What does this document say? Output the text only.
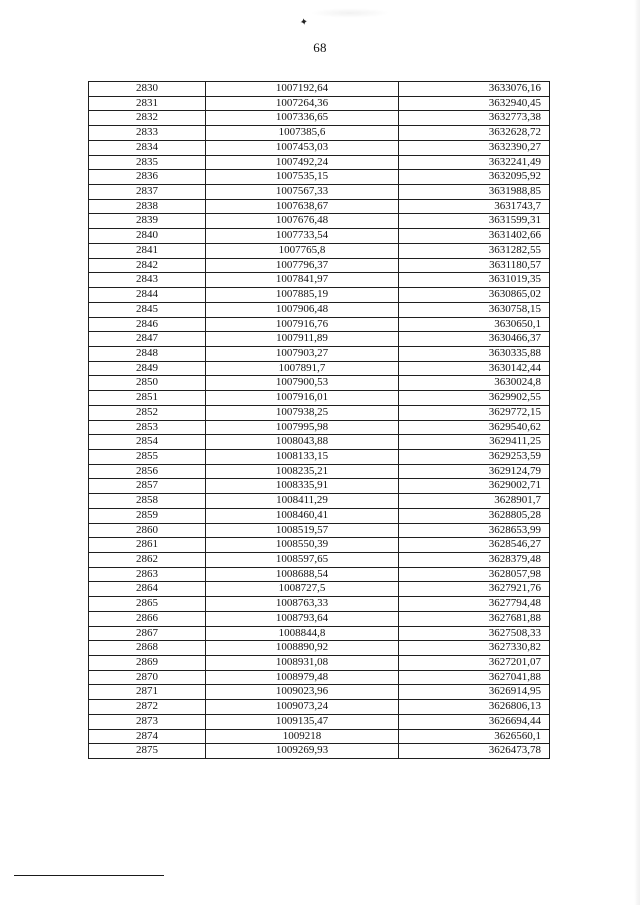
✦
68
2830	1007192,64	3633076,16
2831	1007264,36	3632940,45
2832	1007336,65	3632773,38
2833	1007385,6	3632628,72
2834	1007453,03	3632390,27
2835	1007492,24	3632241,49
2836	1007535,15	3632095,92
2837	1007567,33	3631988,85
2838	1007638,67	3631743,7
2839	1007676,48	3631599,31
2840	1007733,54	3631402,66
2841	1007765,8	3631282,55
2842	1007796,37	3631180,57
2843	1007841,97	3631019,35
2844	1007885,19	3630865,02
2845	1007906,48	3630758,15
2846	1007916,76	3630650,1
2847	1007911,89	3630466,37
2848	1007903,27	3630335,88
2849	1007891,7	3630142,44
2850	1007900,53	3630024,8
2851	1007916,01	3629902,55
2852	1007938,25	3629772,15
2853	1007995,98	3629540,62
2854	1008043,88	3629411,25
2855	1008133,15	3629253,59
2856	1008235,21	3629124,79
2857	1008335,91	3629002,71
2858	1008411,29	3628901,7
2859	1008460,41	3628805,28
2860	1008519,57	3628653,99
2861	1008550,39	3628546,27
2862	1008597,65	3628379,48
2863	1008688,54	3628057,98
2864	1008727,5	3627921,76
2865	1008763,33	3627794,48
2866	1008793,64	3627681,88
2867	1008844,8	3627508,33
2868	1008890,92	3627330,82
2869	1008931,08	3627201,07
2870	1008979,48	3627041,88
2871	1009023,96	3626914,95
2872	1009073,24	3626806,13
2873	1009135,47	3626694,44
2874	1009218	3626560,1
2875	1009269,93	3626473,78
